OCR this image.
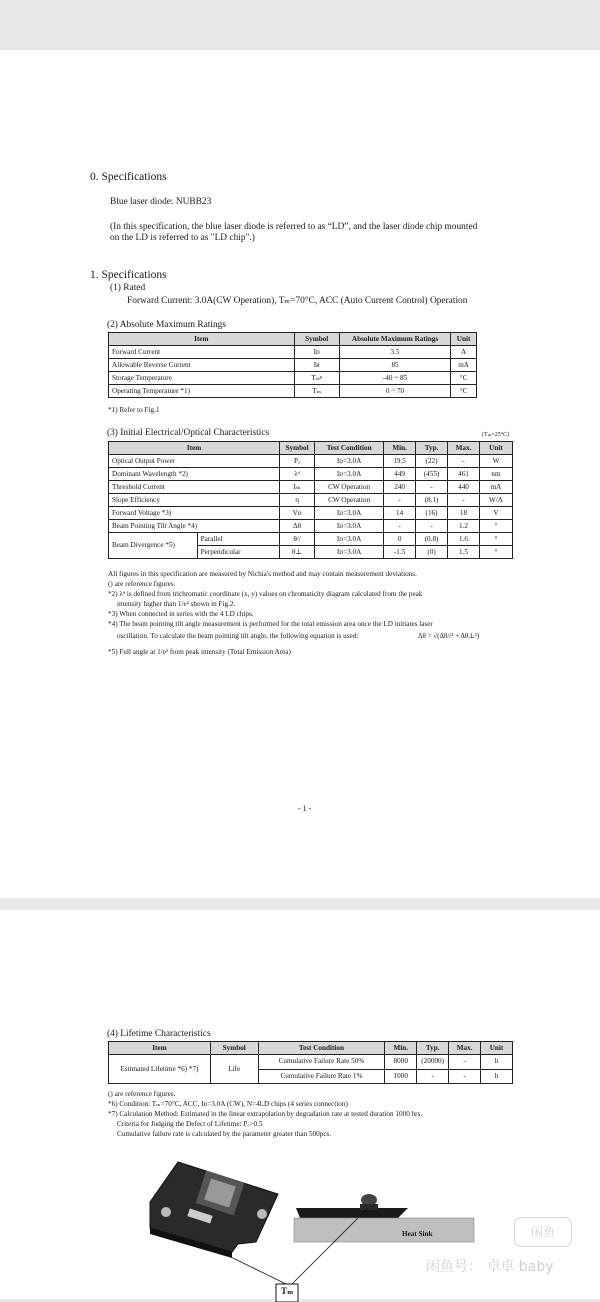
0. Specifications
Blue laser diode: NUBB23
(In this specification, the blue laser diode is referred to as “LD”, and the laser diode chip mounted
on the LD is referred to as "LD chip".)
1. Specifications
(1) Rated
Forward Current: 3.0A(CW Operation), Tₘ=70°C, ACC (Auto Current Control) Operation
(2) Absolute Maximum Ratings
Item	Symbol	Absolute Maximum Ratings	Unit
Forward Current	Iᴅ	3.5	A
Allowable Reverse Current	Iʀ	85	mA
Storage Temperature	Tₛₜᵍ	-40 ~ 85	°C
Operating Temperature *1)	Tₘ	0 ~ 70	°C
*1) Refer to Fig.1
(3) Initial Electrical/Optical Characteristics	(Tₘ=25°C)
Item		Symbol	Test Condition	Min.	Typ.	Max.	Unit
Optical Output Power		Pₒ	Iᴅ=3.0A	19.5	(22)	-	W
Dominant Wavelength *2)		λᵈ	Iᴅ=3.0A	449	(455)	461	nm
Threshold Current		Iₜₕ	CW Operation	240	-	440	mA
Slope Efficiency		η	CW Operation	-	(8.1)	-	W/A
Forward Voltage *3)		Vᴅ	Iᴅ=3.0A	14	(16)	18	V
Beam Pointing Tilt Angle *4)		Δθ	Iᴅ=3.0A	-	-	1.2	°
Beam Divergence *5)	Parallel	θ//	Iᴅ=3.0A	0	(0.8)	1.6	°
	Perpendicular	θ⊥	Iᴅ=3.0A	-1.5	(0)	1.5	°
All figures in this specification are measured by Nichia's method and may contain measurement deviations.
() are reference figures.
*2) λᵈ is defined from trichromatic coordinate (x, y) values on chromaticity diagram calculated from the peak
intensity higher than 1/e² shown in Fig.2.
*3) When connected in series with the 4 LD chips.
*4) The beam pointing tilt angle measurement is performed for the total emission area once the LD initiates laser
oscillation. To calculate the beam pointing tilt angle, the following equation is used:	Δθ = √(Δθ//² + Δθ⊥²)
*5) Full angle at 1/e² from peak intensity (Total Emission Area)
- 1 -
(4) Lifetime Characteristics
Item	Symbol	Test Condition	Min.	Typ.	Max.	Unit
Estimated Lifetime *6) *7)	Life	Cumulative Failure Rate 50%	8000	(20000)	-	h
		Cumulative Failure Rate 1%	1000	-	-	h
() are reference figures.
*6) Condition: Tₘ=70°C, ACC, Iᴅ=3.0A (CW), N=4LD chips (4 series connection)
*7) Calculation Method: Estimated in the linear extrapolation by degradation rate at tested duration 1000 hrs.
Criteria for Judging the Defect of Lifetime: Pₒ>0.5
Cumulative failure rate is calculated by the parameter greater than 500pcs.
Heat Sink
Tₘ
闲鱼
闲鱼号： 卓卓 baby
